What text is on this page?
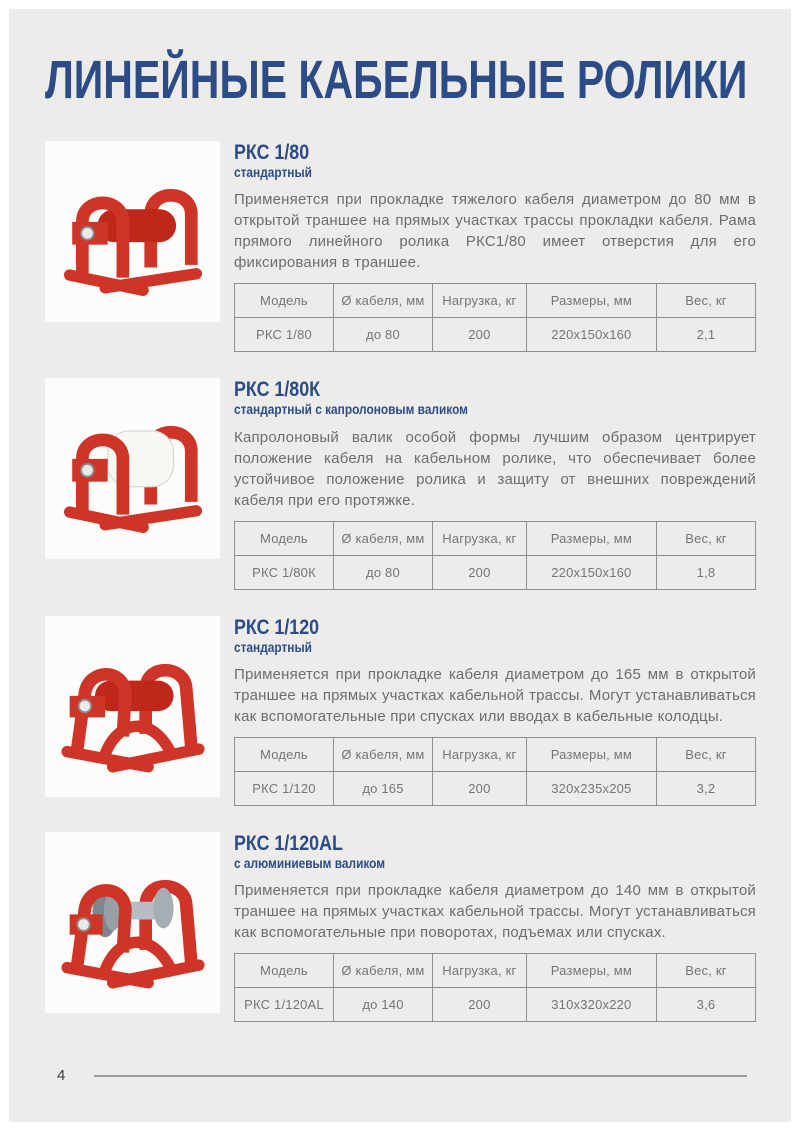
ЛИНЕЙНЫЕ КАБЕЛЬНЫЕ РОЛИКИ
РКС 1/80
стандартный

Применяется при прокладке тяжелого кабеля диаметром до 80 мм в открытой траншее на прямых участках трассы прокладки кабеля. Рама прямого линейного ролика РКС1/80 имеет отверстия для его фиксирования в траншее.

Модель	Ø кабеля, мм	Нагрузка, кг	Размеры, мм	Вес, кг
РКС 1/80	до 80	200	220х150х160	2,1
РКС 1/80К
стандартный с капролоновым валиком

Капролоновый валик особой формы лучшим образом центрирует положение кабеля на кабельном ролике, что обеспечивает более устойчивое положение ролика и защиту от внешних повреждений кабеля при его протяжке.

Модель	Ø кабеля, мм	Нагрузка, кг	Размеры, мм	Вес, кг
РКС 1/80К	до 80	200	220х150х160	1,8
РКС 1/120
стандартный

Применяется при прокладке кабеля диаметром до 165 мм в открытой траншее на прямых участках кабельной трассы. Могут устанавливаться как вспомогательные при спусках или вводах в кабельные колодцы.

Модель	Ø кабеля, мм	Нагрузка, кг	Размеры, мм	Вес, кг
РКС 1/120	до 165	200	320х235х205	3,2
РКС 1/120AL
с алюминиевым валиком

Применяется при прокладке кабеля диаметром до 140 мм в открытой траншее на прямых участках кабельной трассы. Могут устанавливаться как вспомогательные при поворотах, подъемах или спусках.

Модель	Ø кабеля, мм	Нагрузка, кг	Размеры, мм	Вес, кг
РКС 1/120AL	до 140	200	310х320х220	3,6
4
